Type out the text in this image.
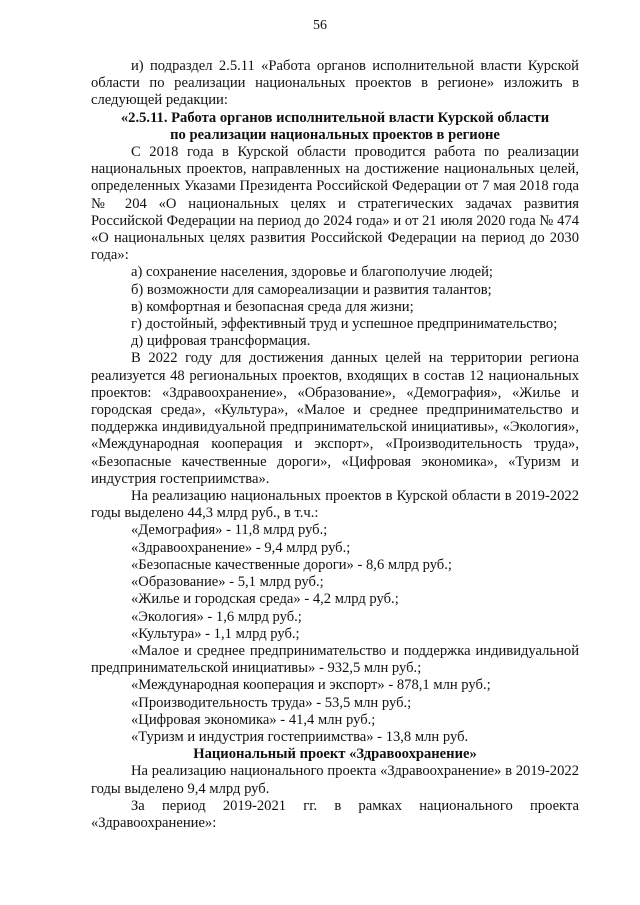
56

и) подраздел 2.5.11 «Работа органов исполнительной власти Курской области по реализации национальных проектов в регионе» изложить в следующей редакции:

«2.5.11. Работа органов исполнительной власти Курской области

по реализации национальных проектов в регионе

С 2018 года в Курской области проводится работа по реализации национальных проектов, направленных на достижение национальных целей, определенных Указами Президента Российской Федерации от 7 мая 2018 года № 204 «О национальных целях и стратегических задачах развития Российской Федерации на период до 2024 года» и от 21 июля 2020 года № 474 «О национальных целях развития Российской Федерации на период до 2030 года»:

а) сохранение населения, здоровье и благополучие людей;

б) возможности для самореализации и развития талантов;

в) комфортная и безопасная среда для жизни;

г) достойный, эффективный труд и успешное предпринимательство;

д) цифровая трансформация.

В 2022 году для достижения данных целей на территории региона реализуется 48 региональных проектов, входящих в состав 12 национальных проектов: «Здравоохранение», «Образование», «Демография», «Жилье и городская среда», «Культура», «Малое и среднее предпринимательство и поддержка индивидуальной предпринимательской инициативы», «Экология», «Международная кооперация и экспорт», «Производительность труда», «Безопасные качественные дороги», «Цифровая экономика», «Туризм и индустрия гостеприимства».

На реализацию национальных проектов в Курской области в 2019-2022 годы выделено 44,3 млрд руб., в т.ч.:

«Демография» - 11,8 млрд руб.;

«Здравоохранение» - 9,4 млрд руб.;

«Безопасные качественные дороги» - 8,6 млрд руб.;

«Образование» - 5,1 млрд руб.;

«Жилье и городская среда» - 4,2 млрд руб.;

«Экология» - 1,6 млрд руб.;

«Культура» - 1,1 млрд руб.;

«Малое и среднее предпринимательство и поддержка индивидуальной предпринимательской инициативы» - 932,5 млн руб.;

«Международная кооперация и экспорт» - 878,1 млн руб.;

«Производительность труда» - 53,5 млн руб.;

«Цифровая экономика» - 41,4 млн руб.;

«Туризм и индустрия гостеприимства» - 13,8 млн руб.

Национальный проект «Здравоохранение»

На реализацию национального проекта «Здравоохранение» в 2019-2022 годы выделено 9,4 млрд руб.

За период 2019-2021 гг. в рамках национального проекта «Здравоохранение»:
